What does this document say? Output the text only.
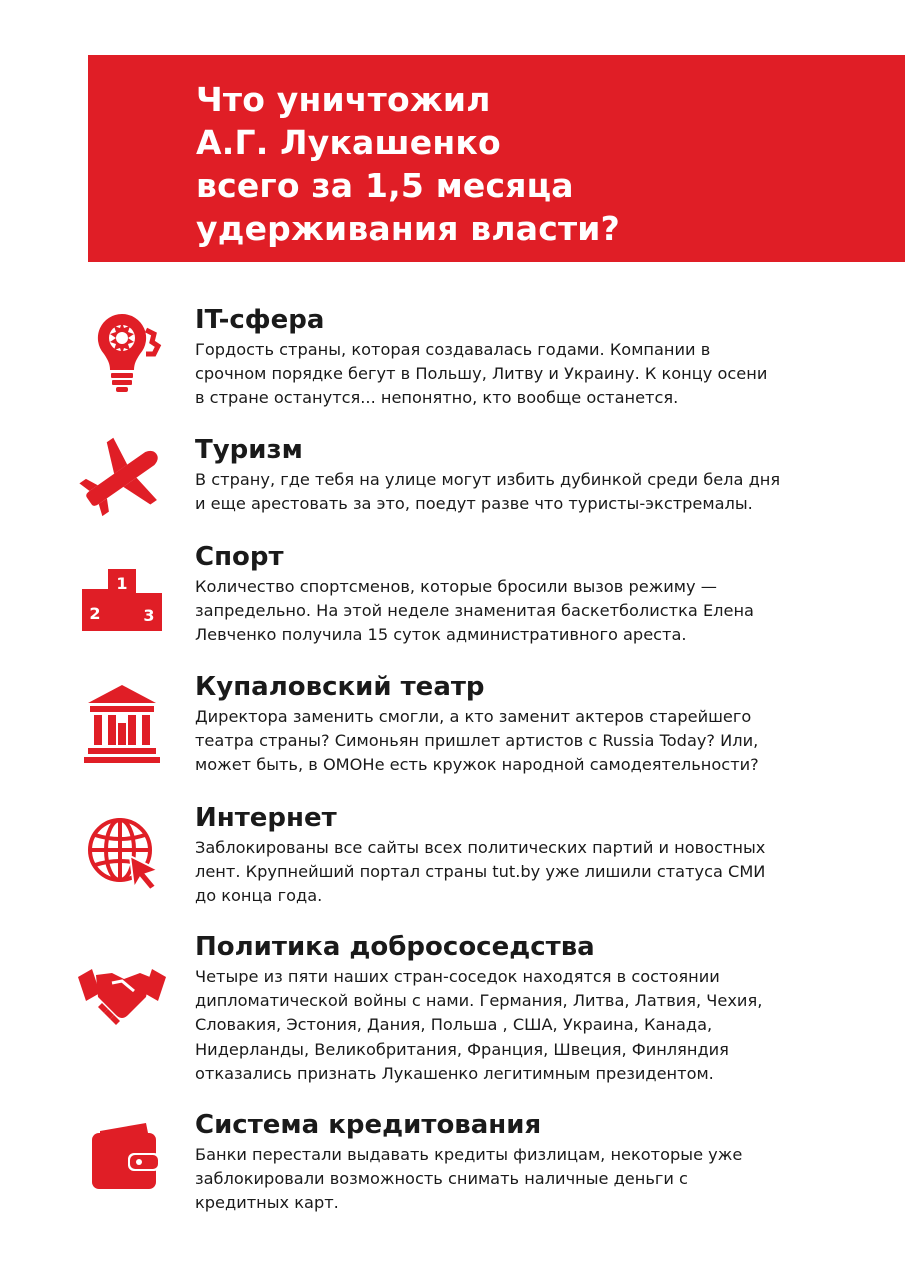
Что уничтожил
А.Г. Лукашенко
всего за 1,5 месяца
удерживания власти?
IT-сфера

Гордость страны, которая создавалась годами. Компании в
срочном порядке бегут в Польшу, Литву и Украину. К концу осени
в стране останутся... непонятно, кто вообще останется.

Туризм

В страну, где тебя на улице могут избить дубинкой среди бела дня
и еще арестовать за это, поедут разве что туристы-экстремалы.

1
2	3
Спорт

Количество спортсменов, которые бросили вызов режиму —
запредельно. На этой неделе знаменитая баскетболистка Елена
Левченко получила 15 суток административного ареста.

Купаловский театр

Директора заменить смогли, а кто заменит актеров старейшего
театра страны? Симоньян пришлет артистов с Russia Today? Или,
может быть, в ОМОНе есть кружок народной самодеятельности?

Интернет

Заблокированы все сайты всех политических партий и новостных
лент. Крупнейший портал страны tut.by уже лишили статуса СМИ
до конца года.

Политика добрососедства

Четыре из пяти наших стран-соседок находятся в состоянии
дипломатической войны с нами. Германия, Литва, Латвия, Чехия,
Словакия, Эстония, Дания, Польша , США, Украина, Канада,
Нидерланды, Великобритания, Франция, Швеция, Финляндия
отказались признать Лукашенко легитимным президентом.

Система кредитования

Банки перестали выдавать кредиты физлицам, некоторые уже
заблокировали возможность снимать наличные деньги с
кредитных карт.
